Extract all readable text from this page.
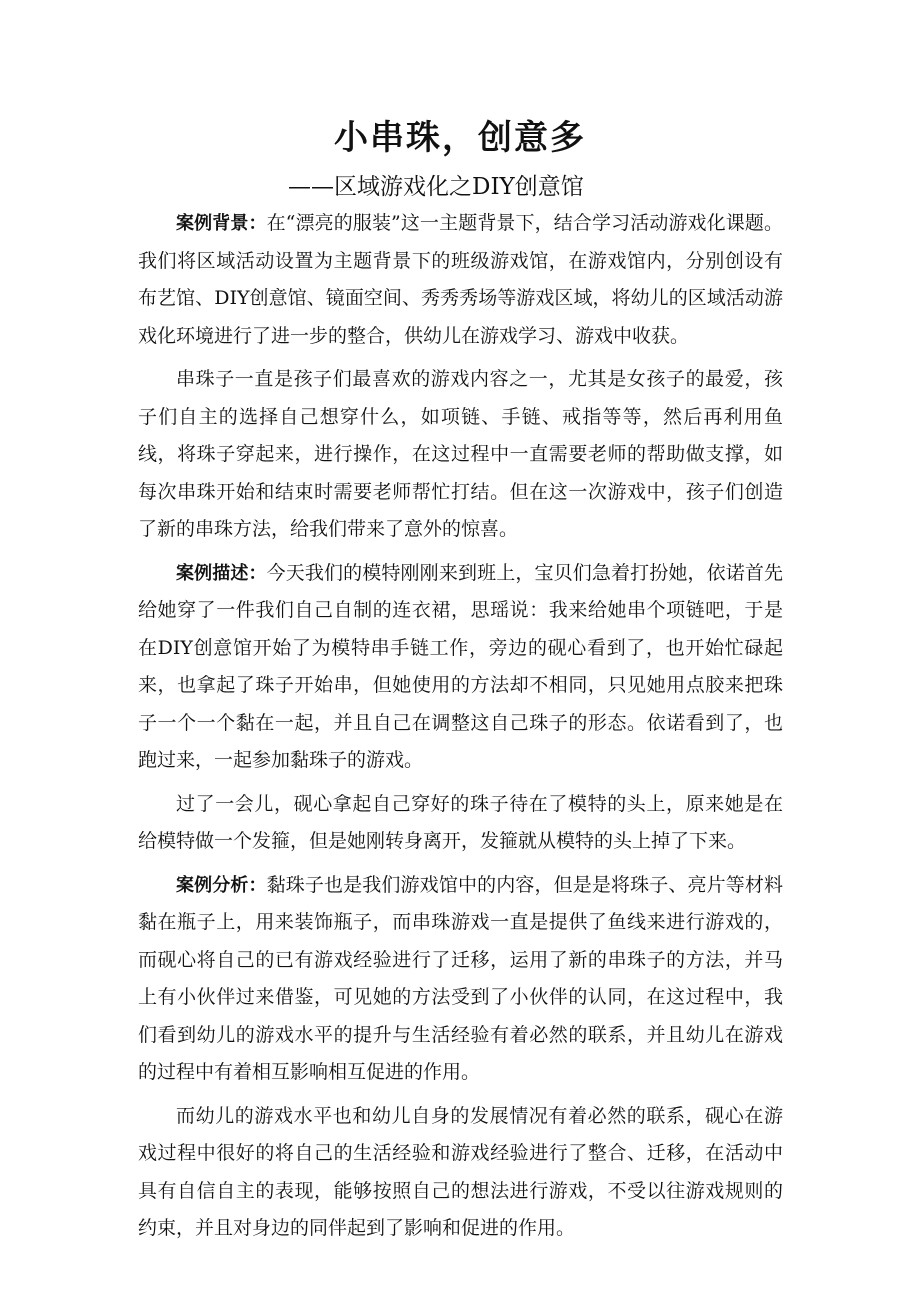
小串珠，创意多

——区域游戏化之DIY创意馆

案例背景：在“漂亮的服装”这一主题背景下，结合学习活动游戏化课题。我们将区域活动设置为主题背景下的班级游戏馆，在游戏馆内，分别创设有布艺馆、DIY创意馆、镜面空间、秀秀秀场等游戏区域，将幼儿的区域活动游戏化环境进行了进一步的整合，供幼儿在游戏学习、游戏中收获。

串珠子一直是孩子们最喜欢的游戏内容之一，尤其是女孩子的最爱，孩子们自主的选择自己想穿什么，如项链、手链、戒指等等，然后再利用鱼线，将珠子穿起来，进行操作，在这过程中一直需要老师的帮助做支撑，如每次串珠开始和结束时需要老师帮忙打结。但在这一次游戏中，孩子们创造了新的串珠方法，给我们带来了意外的惊喜。

案例描述：今天我们的模特刚刚来到班上，宝贝们急着打扮她，依诺首先给她穿了一件我们自己自制的连衣裙，思瑶说：我来给她串个项链吧，于是在DIY创意馆开始了为模特串手链工作，旁边的砚心看到了，也开始忙碌起来，也拿起了珠子开始串，但她使用的方法却不相同，只见她用点胶来把珠子一个一个黏在一起，并且自己在调整这自己珠子的形态。依诺看到了，也跑过来，一起参加黏珠子的游戏。

过了一会儿，砚心拿起自己穿好的珠子待在了模特的头上，原来她是在给模特做一个发箍，但是她刚转身离开，发箍就从模特的头上掉了下来。

案例分析：黏珠子也是我们游戏馆中的内容，但是是将珠子、亮片等材料黏在瓶子上，用来装饰瓶子，而串珠游戏一直是提供了鱼线来进行游戏的，而砚心将自己的已有游戏经验进行了迁移，运用了新的串珠子的方法，并马上有小伙伴过来借鉴，可见她的方法受到了小伙伴的认同，在这过程中，我们看到幼儿的游戏水平的提升与生活经验有着必然的联系，并且幼儿在游戏的过程中有着相互影响相互促进的作用。

而幼儿的游戏水平也和幼儿自身的发展情况有着必然的联系，砚心在游戏过程中很好的将自己的生活经验和游戏经验进行了整合、迁移，在活动中具有自信自主的表现，能够按照自己的想法进行游戏，不受以往游戏规则的约束，并且对身边的同伴起到了影响和促进的作用。
